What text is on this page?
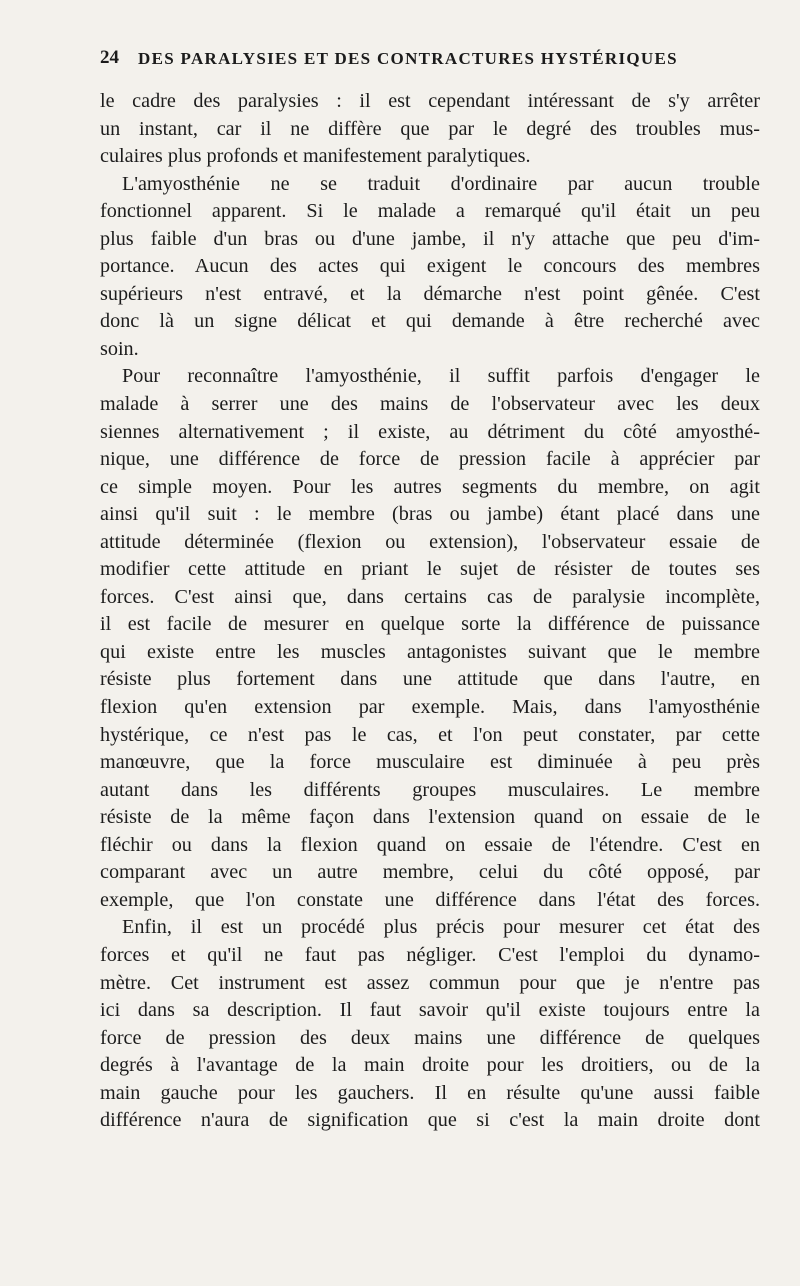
24 DES PARALYSIES ET DES CONTRACTURES HYSTÉRIQUES
le cadre des paralysies : il est cependant intéressant de s'y arrêter
un instant, car il ne diffère que par le degré des troubles mus-
culaires plus profonds et manifestement paralytiques.
L'amyosthénie ne se traduit d'ordinaire par aucun trouble
fonctionnel apparent. Si le malade a remarqué qu'il était un peu
plus faible d'un bras ou d'une jambe, il n'y attache que peu d'im-
portance. Aucun des actes qui exigent le concours des membres
supérieurs n'est entravé, et la démarche n'est point gênée. C'est
donc là un signe délicat et qui demande à être recherché avec
soin.
Pour reconnaître l'amyosthénie, il suffit parfois d'engager le
malade à serrer une des mains de l'observateur avec les deux
siennes alternativement ; il existe, au détriment du côté amyosthé-
nique, une différence de force de pression facile à apprécier par
ce simple moyen. Pour les autres segments du membre, on agit
ainsi qu'il suit : le membre (bras ou jambe) étant placé dans une
attitude déterminée (flexion ou extension), l'observateur essaie de
modifier cette attitude en priant le sujet de résister de toutes ses
forces. C'est ainsi que, dans certains cas de paralysie incomplète,
il est facile de mesurer en quelque sorte la différence de puissance
qui existe entre les muscles antagonistes suivant que le membre
résiste plus fortement dans une attitude que dans l'autre, en
flexion qu'en extension par exemple. Mais, dans l'amyosthénie
hystérique, ce n'est pas le cas, et l'on peut constater, par cette
manœuvre, que la force musculaire est diminuée à peu près
autant dans les différents groupes musculaires. Le membre
résiste de la même façon dans l'extension quand on essaie de le
fléchir ou dans la flexion quand on essaie de l'étendre. C'est en
comparant avec un autre membre, celui du côté opposé, par
exemple, que l'on constate une différence dans l'état des forces.
Enfin, il est un procédé plus précis pour mesurer cet état des
forces et qu'il ne faut pas négliger. C'est l'emploi du dynamo-
mètre. Cet instrument est assez commun pour que je n'entre pas
ici dans sa description. Il faut savoir qu'il existe toujours entre la
force de pression des deux mains une différence de quelques
degrés à l'avantage de la main droite pour les droitiers, ou de la
main gauche pour les gauchers. Il en résulte qu'une aussi faible
différence n'aura de signification que si c'est la main droite dont
